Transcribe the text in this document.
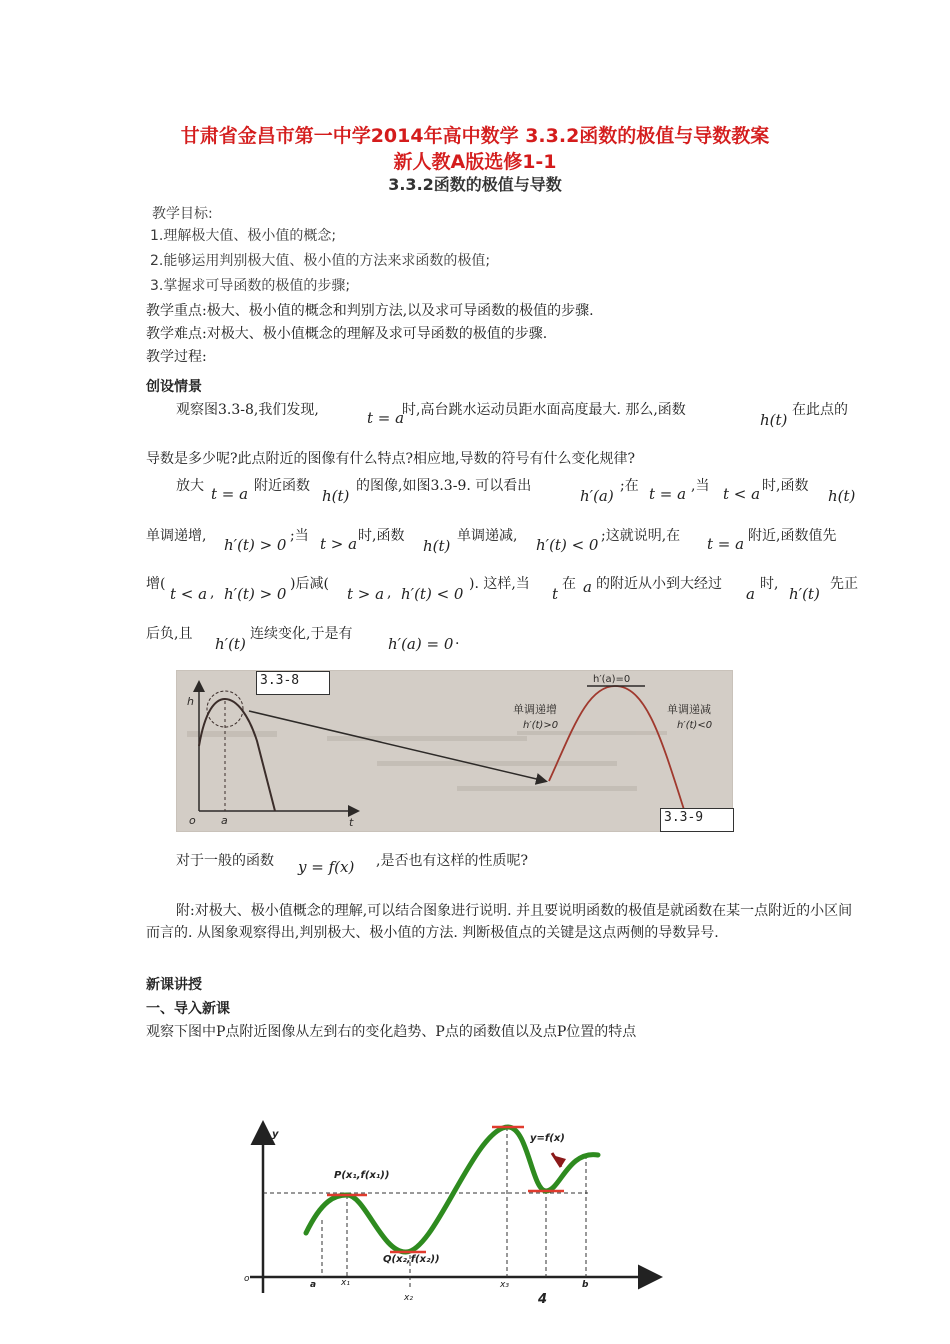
甘肃省金昌市第一中学2014年高中数学 3.3.2函数的极值与导数教案
新人教A版选修1-1
3.3.2函数的极值与导数
教学目标:
1.理解极大值、极小值的概念;
2.能够运用判别极大值、极小值的方法来求函数的极值;
3.掌握求可导函数的极值的步骤;
教学重点:极大、极小值的概念和判别方法,以及求可导函数的极值的步骤.
教学难点:对极大、极小值概念的理解及求可导函数的极值的步骤.
教学过程:
创设情景
观察图3.3-8,我们发现,	t = a
时,高台跳水运动员距水面高度最大. 那么,函数
h(t)
在此点的
导数是多少呢?此点附近的图像有什么特点?相应地,导数的符号有什么变化规律?
放大 t = a 附近函数
h(t)
的图像,如图3.3-9. 可以看出
h′(a)
;在 t = a ,当 t < a 时,函数
h(t)
单调递增, h′(t) > 0 ;当 t > a 时,函数
h(t)
单调递减, h′(t) < 0 ;这就说明,在 t = a 附近,函数值先
增(
t < a , h′(t) > 0
)后减(
t > a , h′(t) < 0
). 这样,当
t
在 a 的附近从小到大经过
a
时,
h′(t)
先正
后负,且
h′(t)
连续变化,于是有
h′(a) = 0 .
h
o a	t
h′(a)=0
单调递增
h′(t)>0
单调递减
h′(t)<0
3.3-8
3.3-9
对于一般的函数 y = f(x) ,是否也有这样的性质呢?
附:对极大、极小值概念的理解,可以结合图象进行说明. 并且要说明函数的极值是就函数在某一点附近的小区间而言的. 从图象观察得出,判别极大、极小值的方法. 判断极值点的关键是这点两侧的导数异号.
新课讲授
一、导入新课
观察下图中P点附近图像从左到右的变化趋势、P点的函数值以及点P位置的特点
y	y=f(x)
P(x₁,f(x₁))
Q(x₂,f(x₂))
o
a	x₁
x₂
x₃
4
b
